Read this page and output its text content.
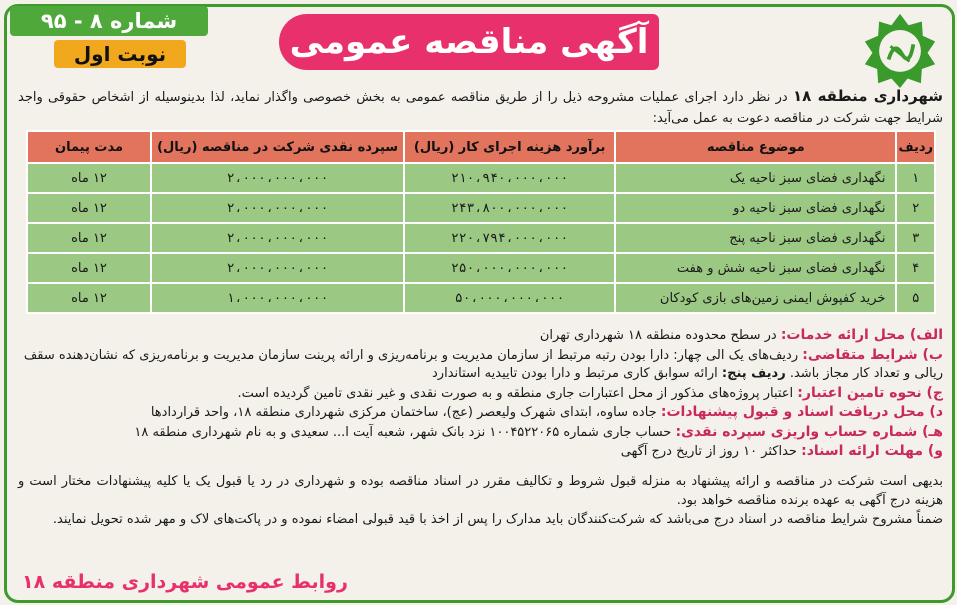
آگهی مناقصه عمومی
شماره ۸ - ۹۵
نوبت اول
شهرداری منطقه ۱۸ در نظر دارد اجرای عملیات مشروحه ذیل را از طریق مناقصه عمومی به بخش خصوصی واگذار نماید، لذا بدینوسیله از اشخاص حقوقی واجد شرایط جهت شرکت در مناقصه دعوت به عمل می‌آید:
ردیف	موضوع مناقصه	برآورد هزینه اجرای کار (ریال)	سپرده نقدی شرکت در مناقصه (ریال)	مدت پیمان
۱	نگهداری فضای سبز ناحیه یک	۲۱۰،۹۴۰،۰۰۰،۰۰۰	۲،۰۰۰،۰۰۰،۰۰۰	۱۲ ماه
۲	نگهداری فضای سبز ناحیه دو	۲۴۳،۸۰۰،۰۰۰،۰۰۰	۲،۰۰۰،۰۰۰،۰۰۰	۱۲ ماه
۳	نگهداری فضای سبز ناحیه پنج	۲۲۰،۷۹۴،۰۰۰،۰۰۰	۲،۰۰۰،۰۰۰،۰۰۰	۱۲ ماه
۴	نگهداری فضای سبز ناحیه شش و هفت	۲۵۰،۰۰۰،۰۰۰،۰۰۰	۲،۰۰۰،۰۰۰،۰۰۰	۱۲ ماه
۵	خرید کفپوش ایمنی زمین‌های بازی کودکان	۵۰،۰۰۰،۰۰۰،۰۰۰	۱،۰۰۰،۰۰۰،۰۰۰	۱۲ ماه

الف) محل ارائه خدمات: در سطح محدوده منطقه ۱۸ شهرداری تهران

ب) شرایط متقاضی: ردیف‌های یک الی چهار: دارا بودن رتبه مرتبط از سازمان مدیریت و برنامه‌ریزی و ارائه پرینت سازمان مدیریت و برنامه‌ریزی که نشان‌دهنده سقف ریالی و تعداد کار مجاز باشد. ردیف پنج: ارائه سوابق کاری مرتبط و دارا بودن تاییدیه استاندارد

ج) نحوه تامین اعتبار: اعتبار پروژه‌های مذکور از محل اعتبارات جاری منطقه و به صورت نقدی و غیر نقدی تامین گردیده است.

د) محل دریافت اسناد و قبول پیشنهادات: جاده ساوه، ابتدای شهرک ولیعصر (عج)، ساختمان مرکزی شهرداری منطقه ۱۸، واحد قراردادها

هـ) شماره حساب واریزی سپرده نقدی: حساب جاری شماره ۱۰۰۴۵۲۲۰۶۵ نزد بانک شهر، شعبه آیت ا... سعیدی و به نام شهرداری منطقه ۱۸

و) مهلت ارائه اسناد: حداکثر ۱۰ روز از تاریخ درج آگهی

بدیهی است شرکت در مناقصه و ارائه پیشنهاد به منزله قبول شروط و تکالیف مقرر در اسناد مناقصه بوده و شهرداری در رد یا قبول یک یا کلیه پیشنهادات مختار است و هزینه درج آگهی به عهده برنده مناقصه خواهد بود.

ضمناً مشروح شرایط مناقصه در اسناد درج می‌باشد که شرکت‌کنندگان باید مدارک را پس از اخذ با قید قبولی امضاء نموده و در پاکت‌های لاک و مهر شده تحویل نمایند.

روابط عمومی شهرداری منطقه ۱۸
